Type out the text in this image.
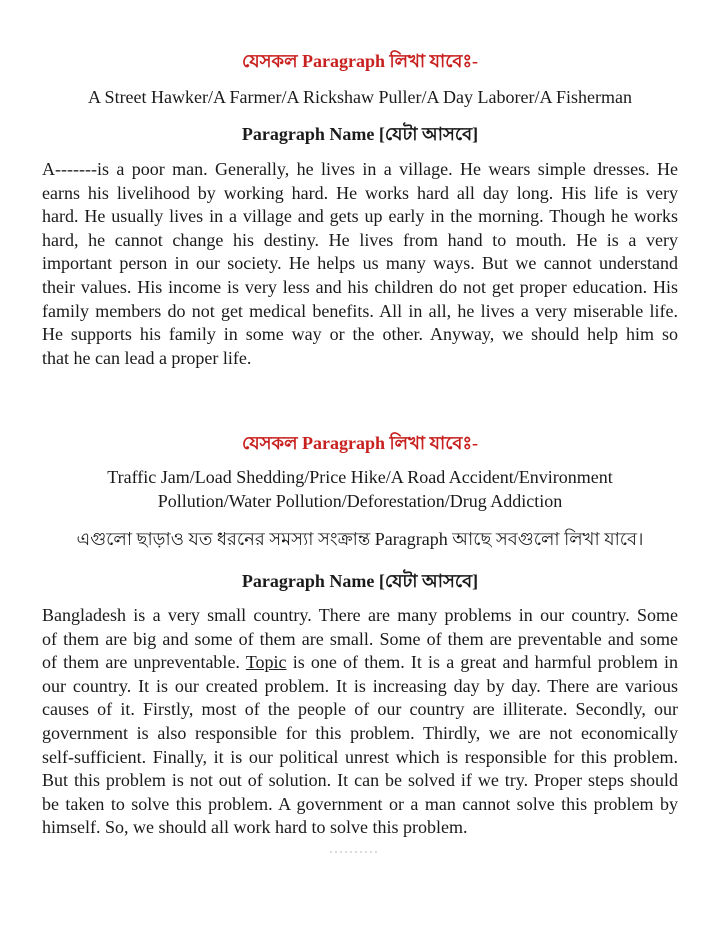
যেসকল Paragraph লিখা যাবেঃ-
A Street Hawker/A Farmer/A Rickshaw Puller/A Day Laborer/A Fisherman
Paragraph Name [যেটা আসবে]

A-------is a poor man. Generally, he lives in a village. He wears simple dresses. He
earns his livelihood by working hard. He works hard all day long. His life is very
hard. He usually lives in a village and gets up early in the morning. Though he works
hard, he cannot change his destiny. He lives from hand to mouth. He is a very
important person in our society. He helps us many ways. But we cannot understand
their values. His income is very less and his children do not get proper education. His
family members do not get medical benefits. All in all, he lives a very miserable life.
He supports his family in some way or the other. Anyway, we should help him so
that he can lead a proper life.

যেসকল Paragraph লিখা যাবেঃ-
Traffic Jam/Load Shedding/Price Hike/A Road Accident/Environment
Pollution/Water Pollution/Deforestation/Drug Addiction
এগুলো ছাড়াও যত ধরনের সমস্যা সংক্রান্ত Paragraph আছে সবগুলো লিখা যাবে।
Paragraph Name [যেটা আসবে]

Bangladesh is a very small country. There are many problems in our country. Some
of them are big and some of them are small. Some of them are preventable and some
of them are unpreventable. Topic is one of them. It is a great and harmful problem in
our country. It is our created problem. It is increasing day by day. There are various
causes of it. Firstly, most of the people of our country are illiterate. Secondly, our
government is also responsible for this problem. Thirdly, we are not economically
self-sufficient. Finally, it is our political unrest which is responsible for this problem.
But this problem is not out of solution. It can be solved if we try. Proper steps should
be taken to solve this problem. A government or a man cannot solve this problem by
himself. So, we should all work hard to solve this problem.
